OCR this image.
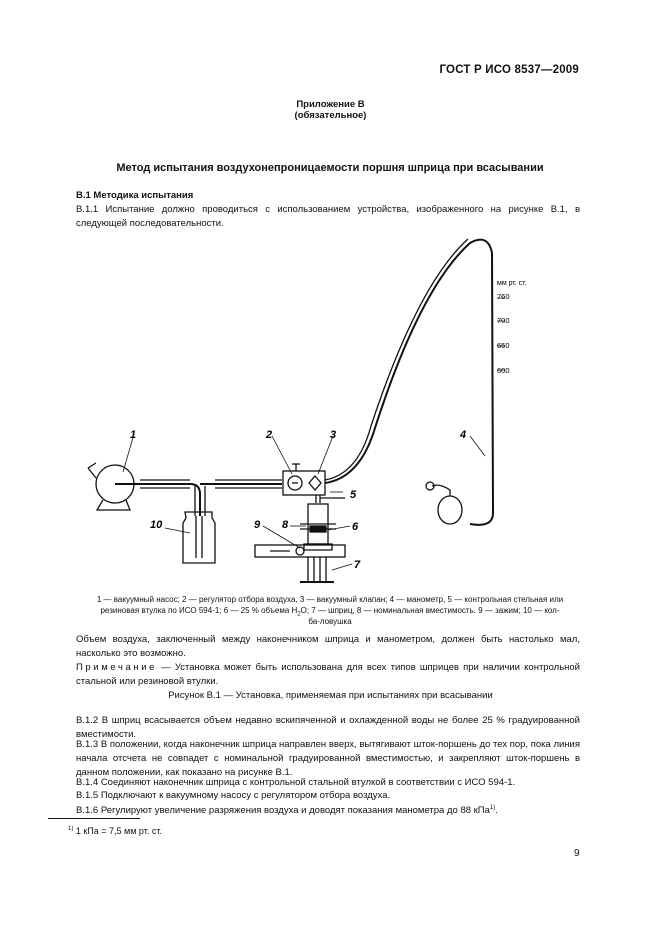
ГОСТ Р ИСО 8537—2009
Приложение В
(обязательное)
Метод испытания воздухонепроницаемости поршня шприца при всасывании
В.1 Методика испытания
В.1.1 Испытание должно проводиться с использованием устройства, изображенного на рисунке В.1, в следующей последовательности.
мм рт. ст.
760
700
650
600
1	2	3	4
5
6
7
8
9
10
1 — вакуумный насос; 2 — регулятор отбора воздуха, 3 — вакуумный клапан; 4 — манометр, 5 — контрольная стельная или
резиновая втулка по ИСО 594-1; 6 — 25 % объема $H_2O$; 7 — шприц, 8 — номинальная вместимость. 9 — зажим; 10 — кол-
ба-ловушка
Объем воздуха, заключенный между наконечником шприца и манометром, должен быть настолько мал, насколько это возможно.
Примечание — Установка может быть использована для всех типов шприцев при наличии контрольной стальной или резиновой втулки.
Рисунок В.1 — Установка, применяемая при испытаниях при всасывании
В.1.2 В шприц всасывается объем недавно вскипяченной и охлажденной воды не более 25 % градуированной вместимости.
В.1.3 В положении, когда наконечник шприца направлен вверх, вытягивают шток-поршень до тех пор, пока линия начала отсчета не совпадет с номинальной градуированной вместимостью, и закрепляют шток-поршень в данном положении, как показано на рисунке В.1.
В.1.4 Соединяют наконечник шприца с контрольной стальной втулкой в соответствии с ИСО 594-1.
В.1.5 Подключают к вакуумному насосу с регулятором отбора воздуха.
В.1.6 Регулируют увеличение разряжения воздуха и доводят показания манометра до 88 кПа$^{1)}$.
$^{1)}$ 1 кПа = 7,5 мм рт. ст.
9
